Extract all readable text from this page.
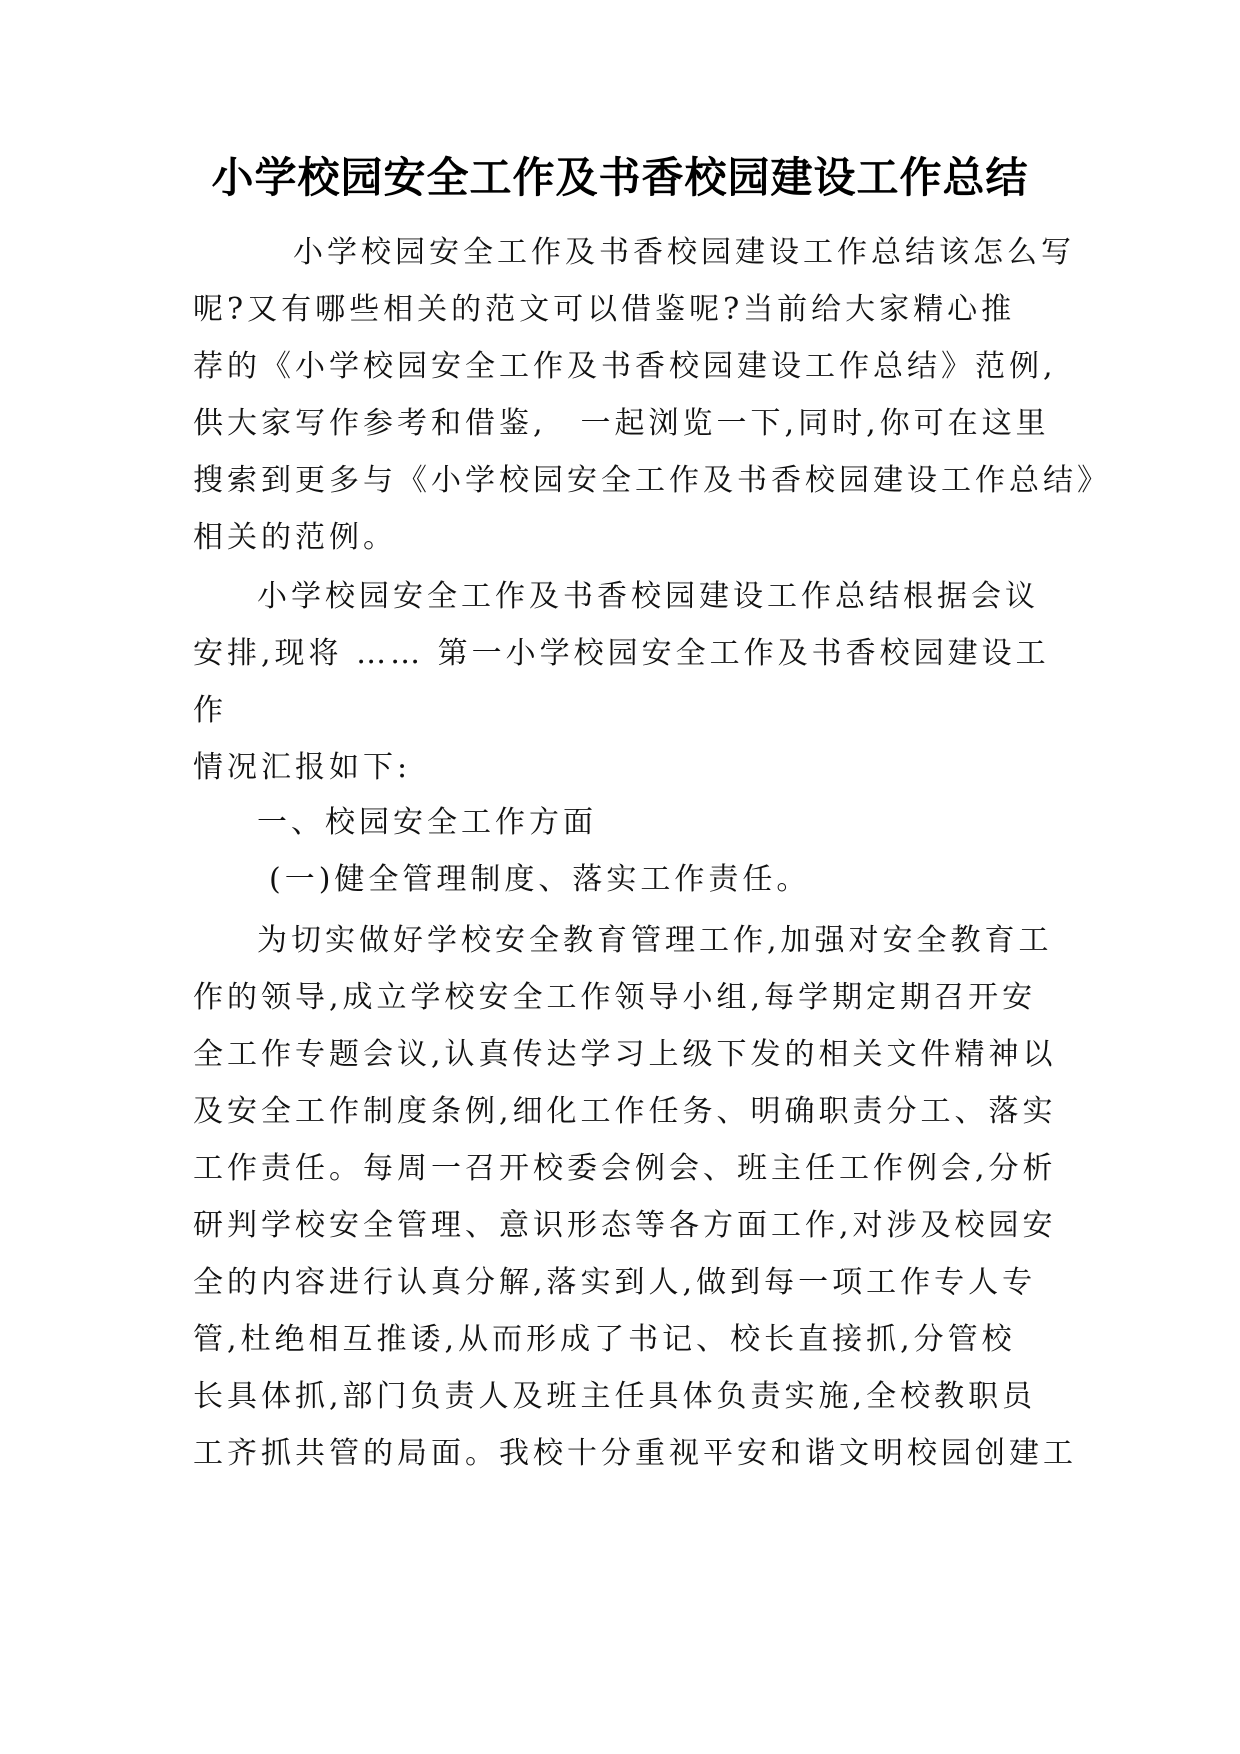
小学校园安全工作及书香校园建设工作总结
小学校园安全工作及书香校园建设工作总结该怎么写
呢?又有哪些相关的范文可以借鉴呢?当前给大家精心推
荐的《小学校园安全工作及书香校园建设工作总结》范例,
供大家写作参考和借鉴,　一起浏览一下,同时,你可在这里
搜索到更多与《小学校园安全工作及书香校园建设工作总结》
相关的范例。
小学校园安全工作及书香校园建设工作总结根据会议
安排,现将 …… 第一小学校园安全工作及书香校园建设工
作
情况汇报如下:
一、校园安全工作方面
(一)健全管理制度、落实工作责任。
为切实做好学校安全教育管理工作,加强对安全教育工
作的领导,成立学校安全工作领导小组,每学期定期召开安
全工作专题会议,认真传达学习上级下发的相关文件精神以
及安全工作制度条例,细化工作任务、明确职责分工、落实
工作责任。每周一召开校委会例会、班主任工作例会,分析
研判学校安全管理、意识形态等各方面工作,对涉及校园安
全的内容进行认真分解,落实到人,做到每一项工作专人专
管,杜绝相互推诿,从而形成了书记、校长直接抓,分管校
长具体抓,部门负责人及班主任具体负责实施,全校教职员
工齐抓共管的局面。我校十分重视平安和谐文明校园创建工
